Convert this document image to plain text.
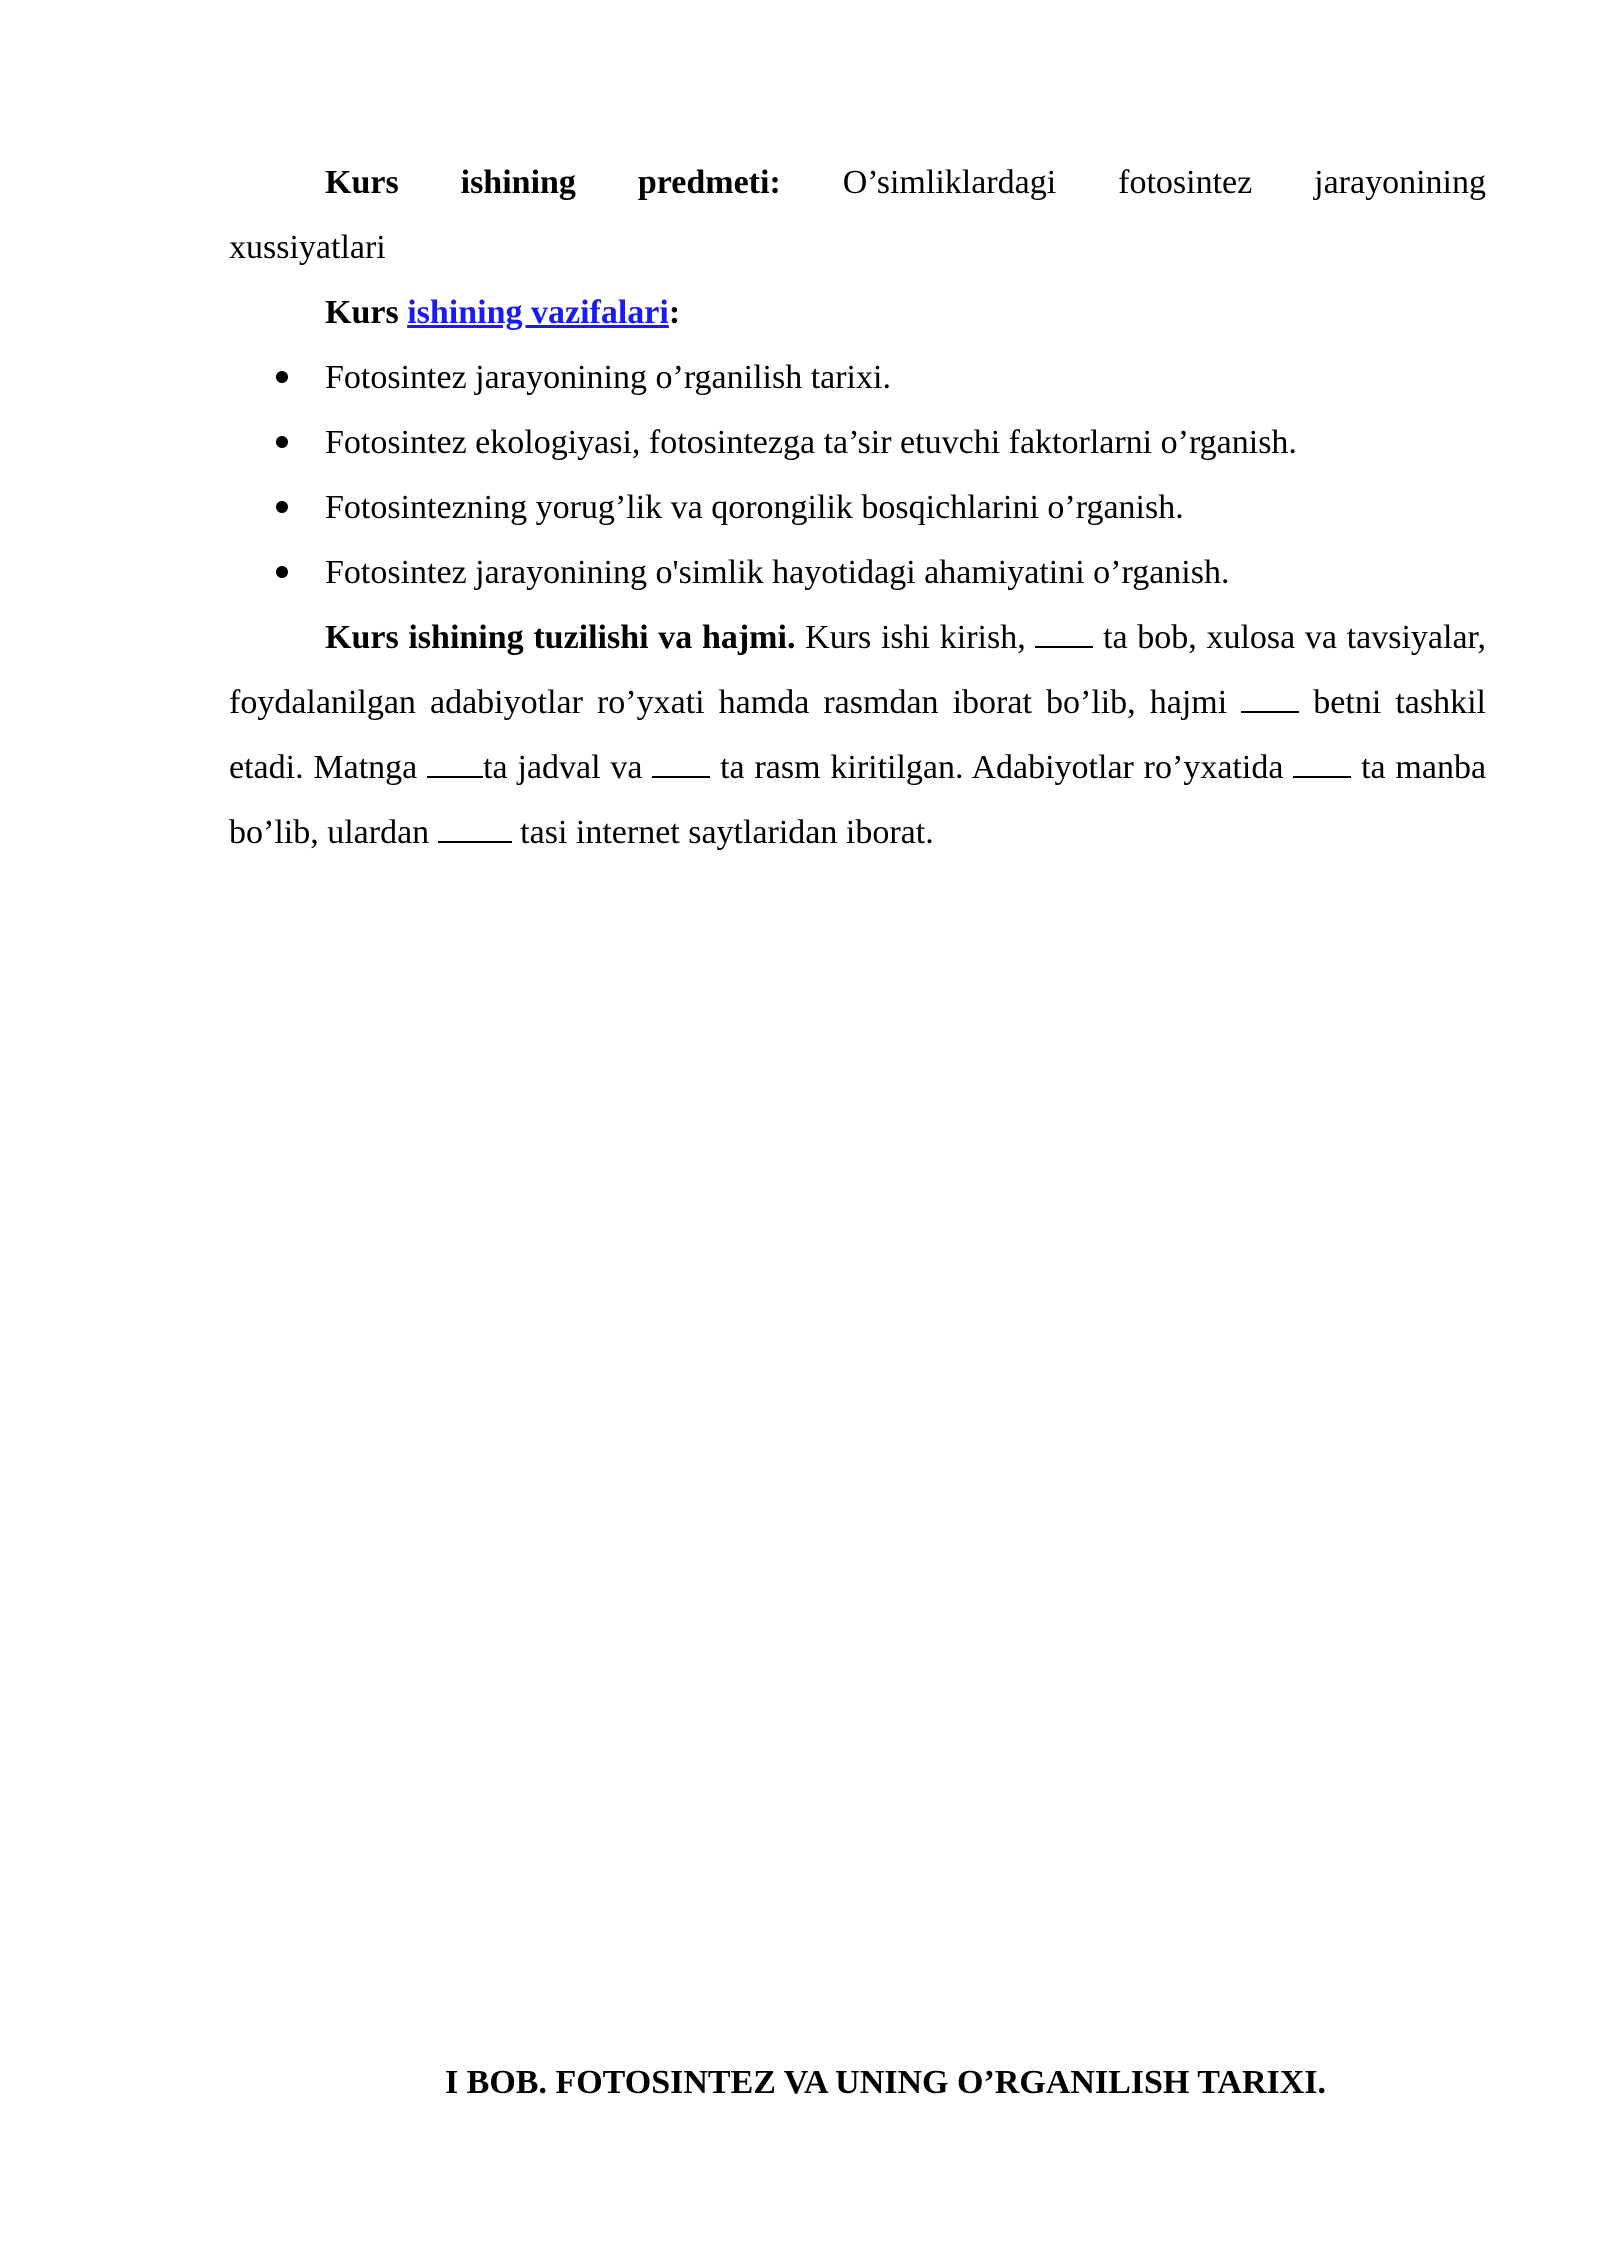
Kurs ishining predmeti: O’simliklardagi fotosintez jarayonining xussiyatlari

Kurs ishining vazifalari:

Fotosintez jarayonining o’rganilish tarixi.
Fotosintez ekologiyasi, fotosintezga ta’sir etuvchi faktorlarni o’rganish.
Fotosintezning yorug’lik va qorongilik bosqichlarini o’rganish.
Fotosintez jarayonining o'simlik hayotidagi ahamiyatini o’rganish.

Kurs ishining tuzilishi va hajmi. Kurs ishi kirish, ta bob, xulosa va tavsiyalar, foydalanilgan adabiyotlar ro’yxati hamda rasmdan iborat bo’lib, hajmi	betni tashkil etadi. Matnga ta jadval va ta rasm kiritilgan. Adabiyotlar ro’yxatida  ta manba bo’lib, ulardan	tasi internet saytlaridan iborat.

I BOB. FOTOSINTEZ VA UNING O’RGANILISH TARIXI.
